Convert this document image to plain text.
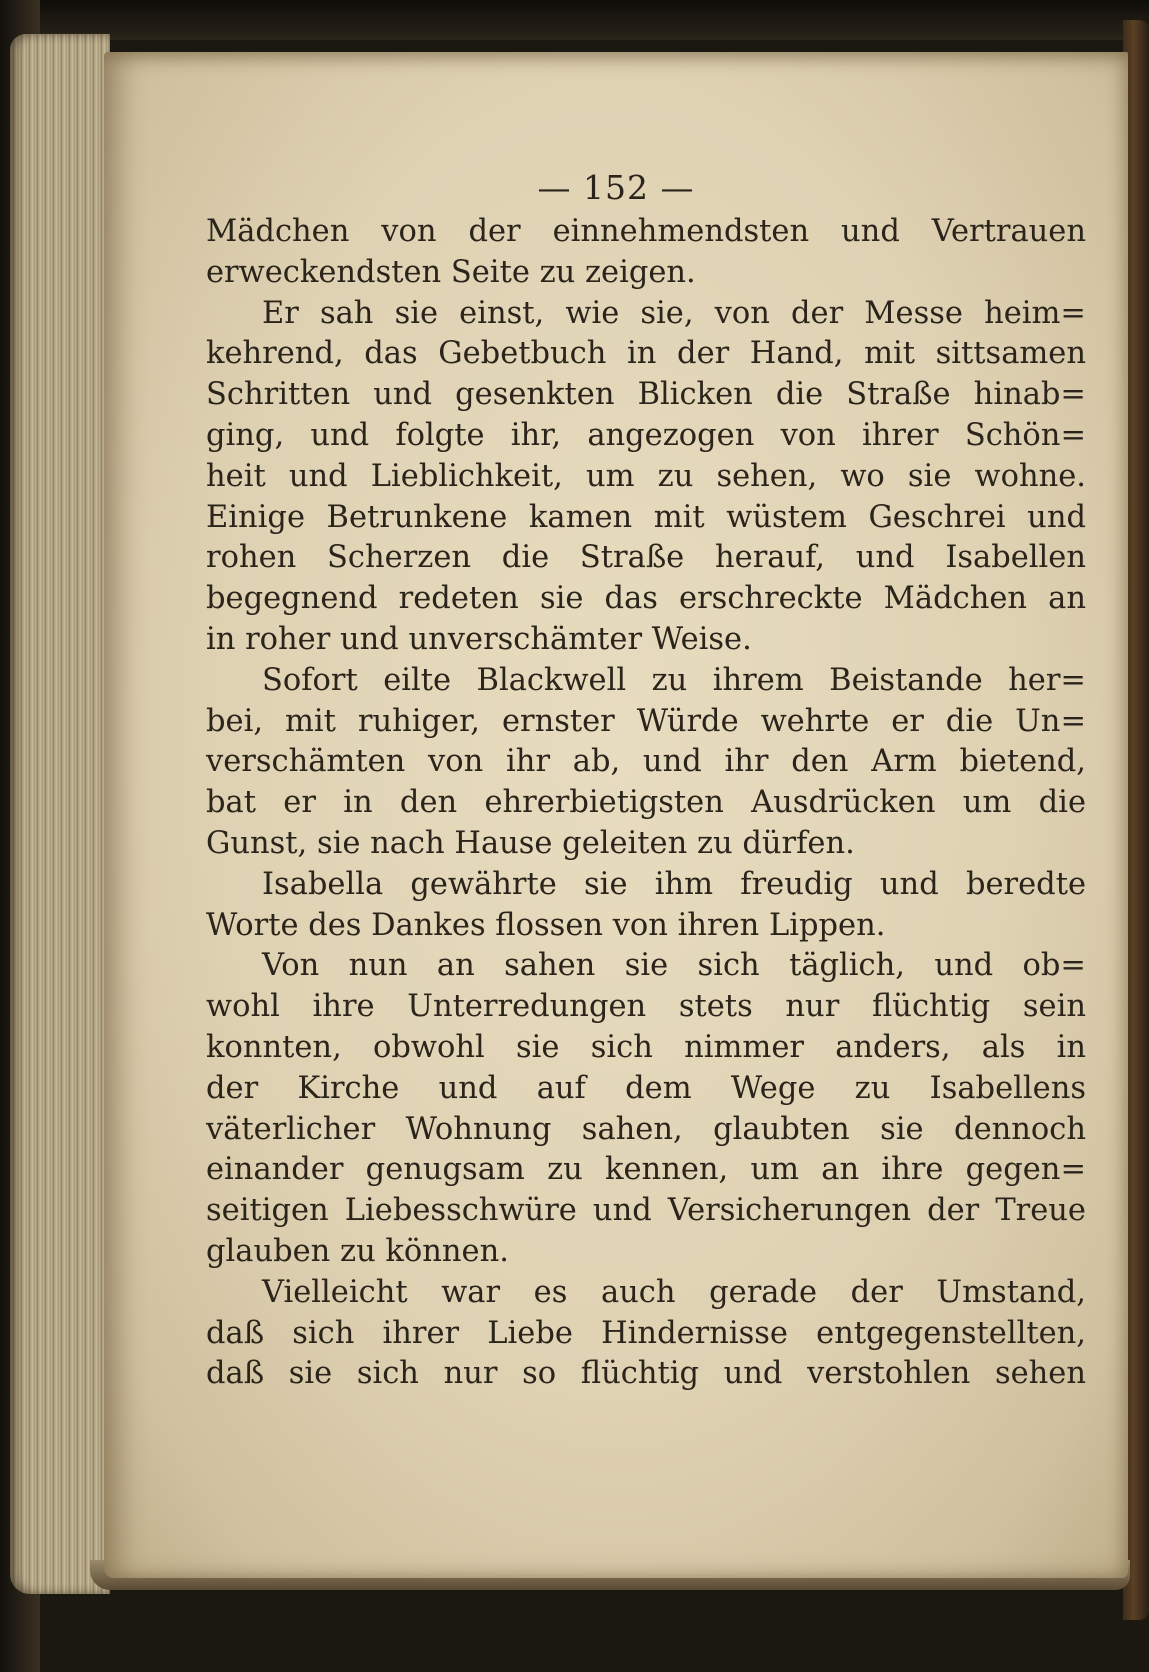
— 152 —
Mädchen von der einnehmendsten und Vertrauen
erweckendsten Seite zu zeigen.
Er sah sie einst, wie sie, von der Messe heim=
kehrend, das Gebetbuch in der Hand, mit sittsamen
Schritten und gesenkten Blicken die Straße hinab=
ging, und folgte ihr, angezogen von ihrer Schön=
heit und Lieblichkeit, um zu sehen, wo sie wohne.
Einige Betrunkene kamen mit wüstem Geschrei und
rohen Scherzen die Straße herauf, und Isabellen
begegnend redeten sie das erschreckte Mädchen an
in roher und unverschämter Weise.
Sofort eilte Blackwell zu ihrem Beistande her=
bei, mit ruhiger, ernster Würde wehrte er die Un=
verschämten von ihr ab, und ihr den Arm bietend,
bat er in den ehrerbietigsten Ausdrücken um die
Gunst, sie nach Hause geleiten zu dürfen.
Isabella gewährte sie ihm freudig und beredte
Worte des Dankes flossen von ihren Lippen.
Von nun an sahen sie sich täglich, und ob=
wohl ihre Unterredungen stets nur flüchtig sein
konnten, obwohl sie sich nimmer anders, als in
der Kirche und auf dem Wege zu Isabellens
väterlicher Wohnung sahen, glaubten sie dennoch
einander genugsam zu kennen, um an ihre gegen=
seitigen Liebesschwüre und Versicherungen der Treue
glauben zu können.
Vielleicht war es auch gerade der Umstand,
daß sich ihrer Liebe Hindernisse entgegenstellten,
daß sie sich nur so flüchtig und verstohlen sehen
